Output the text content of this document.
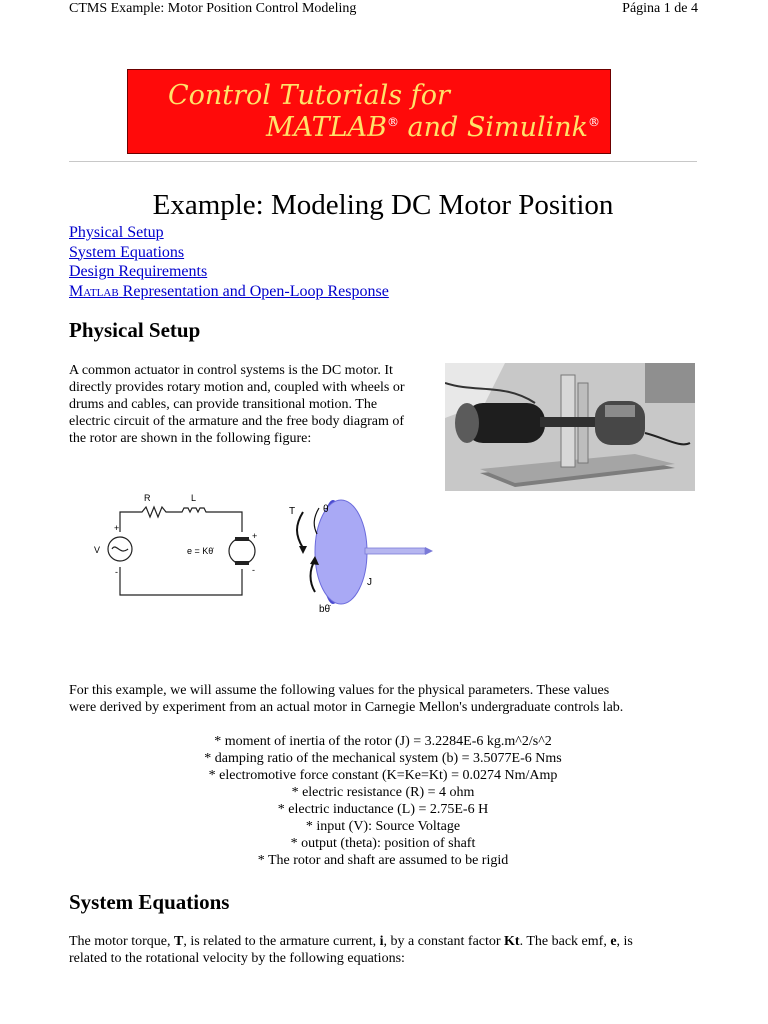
CTMS Example: Motor Position Control Modeling	Página 1 de 4
Control Tutorials for
MATLAB® and Simulink®
Example: Modeling DC Motor Position
Physical Setup
System Equations
Design Requirements
Matlab Representation and Open-Loop Response
Physical Setup
A common actuator in control systems is the DC motor. It
directly provides rotary motion and, coupled with wheels or
drums and cables, can provide transitional motion. The
electric circuit of the armature and the free body diagram of
the rotor are shown in the following figure:
R	L
V
+
-
e = Kθ̇
+
-
T	θ
J
bθ̇
For this example, we will assume the following values for the physical parameters. These values
were derived by experiment from an actual motor in Carnegie Mellon's undergraduate controls lab.
* moment of inertia of the rotor (J) = 3.2284E-6 kg.m^2/s^2
* damping ratio of the mechanical system (b) = 3.5077E-6 Nms
* electromotive force constant (K=Ke=Kt) = 0.0274 Nm/Amp
* electric resistance (R) = 4 ohm
* electric inductance (L) = 2.75E-6 H
* input (V): Source Voltage
* output (theta): position of shaft
* The rotor and shaft are assumed to be rigid
System Equations
The motor torque, T, is related to the armature current, i, by a constant factor Kt. The back emf, e, is
related to the rotational velocity by the following equations:
